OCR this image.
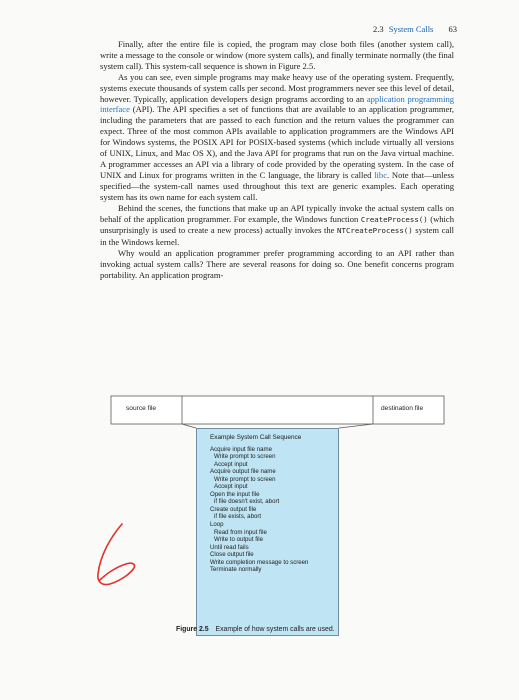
2.3 System Calls 63

Finally, after the entire file is copied, the program may close both files (another system call), write a message to the console or window (more system calls), and finally terminate normally (the final system call). This system-call sequence is shown in Figure 2.5.

As you can see, even simple programs may make heavy use of the operating system. Frequently, systems execute thousands of system calls per second. Most programmers never see this level of detail, however. Typically, application developers design programs according to an application programming interface (API). The API specifies a set of functions that are available to an application programmer, including the parameters that are passed to each function and the return values the programmer can expect. Three of the most common APIs available to application programmers are the Windows API for Windows systems, the POSIX API for POSIX-based systems (which include virtually all versions of UNIX, Linux, and Mac OS X), and the Java API for programs that run on the Java virtual machine. A programmer accesses an API via a library of code provided by the operating system. In the case of UNIX and Linux for programs written in the C language, the library is called libc. Note that—unless specified—the system-call names used throughout this text are generic examples. Each operating system has its own name for each system call.

Behind the scenes, the functions that make up an API typically invoke the actual system calls on behalf of the application programmer. For example, the Windows function CreateProcess() (which unsurprisingly is used to create a new process) actually invokes the NTCreateProcess() system call in the Windows kernel.

Why would an application programmer prefer programming according to an API rather than invoking actual system calls? There are several reasons for doing so. One benefit concerns program portability. An application program-

source file	destination file
Example System Call Sequence
Acquire input file name
Write prompt to screen
Accept input
Acquire output file name
Write prompt to screen
Accept input
Open the input file
if file doesn't exist, abort
Create output file
if file exists, abort
Loop
Read from input file
Write to output file
Until read fails
Close output file
Write completion message to screen
Terminate normally
Figure 2.5 Example of how system calls are used.
